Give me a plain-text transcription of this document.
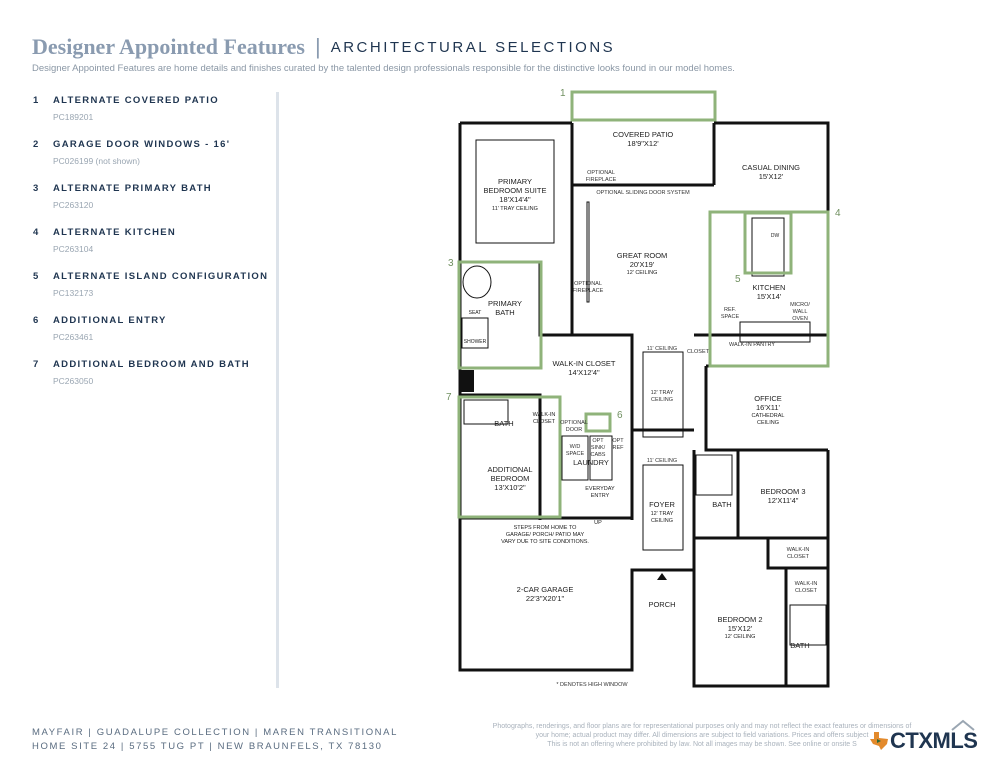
Designer Appointed Features | ARCHITECTURAL SELECTIONS
Designer Appointed Features are home details and finishes curated by the talented design professionals responsible for the distinctive looks found in our model homes.
1 ALTERNATE COVERED PATIO
PC189201
2 GARAGE DOOR WINDOWS - 16'
PC026199 (not shown)
3 ALTERNATE PRIMARY BATH
PC263120
4 ALTERNATE KITCHEN
PC263104
5 ALTERNATE ISLAND CONFIGURATION
PC132173
6 ADDITIONAL ENTRY
PC263461
7 ADDITIONAL BEDROOM AND BATH
PC263050
1
3
4
5
6
7
COVERED PATIO
18'9"X12'
CASUAL DINING
15'X12'
PRIMARY
BEDROOM SUITE
18'X14'4"
11' TRAY CEILING
GREAT ROOM
20'X19'
12' CEILING
KITCHEN
15'X14'
DW
PRIMARY
BATH
SEAT
SHOWER
WALK-IN CLOSET
14'X12'4"
OFFICE
16'X11'
CATHEDRAL
CEILING
BATH
WALK-IN
CLOSET
LAUNDRY
ADDITIONAL
BEDROOM
13'X10'2"	EVERYDAY
ENTRY
UP
FOYER
12' TRAY
CEILING
BATH
BEDROOM 3
12'X11'4"
STEPS FROM HOME TO
GARAGE/ PORCH/ PATIO MAY
VARY DUE TO SITE CONDITIONS.
2-CAR GARAGE
22'3"X20'1"
PORCH
BEDROOM 2
15'X12'
12' CEILING
BATH
OPTIONAL
FIREPLACE
OPTIONAL SLIDING DOOR SYSTEM
OPTIONAL
FIREPLACE
REF.
SPACE
MICRO/
WALL
OVEN
WALK-IN PANTRY
11' CEILING CLOSET
12' TRAY
CEILING
OPTIONAL
DOOR
W/D
SPACE
OPT
SINK/
CABS
OPT
REF
11' CEILING
WALK-IN
CLOSET
WALK-IN
CLOSET
* DENOTES HIGH WINDOW
MAYFAIR | GUADALUPE COLLECTION | MAREN TRANSITIONAL
HOME SITE 24 | 5755 TUG PT | NEW BRAUNFELS, TX 78130
Photographs, renderings, and floor plans are for representational purposes only and may not reflect the exact features or dimensions of
your home; actual product may differ. All dimensions are subject to field variations. Prices and offers subject
This is not an offering where prohibited by law. Not all images may be shown. See online or onsite S	CTXMLS
